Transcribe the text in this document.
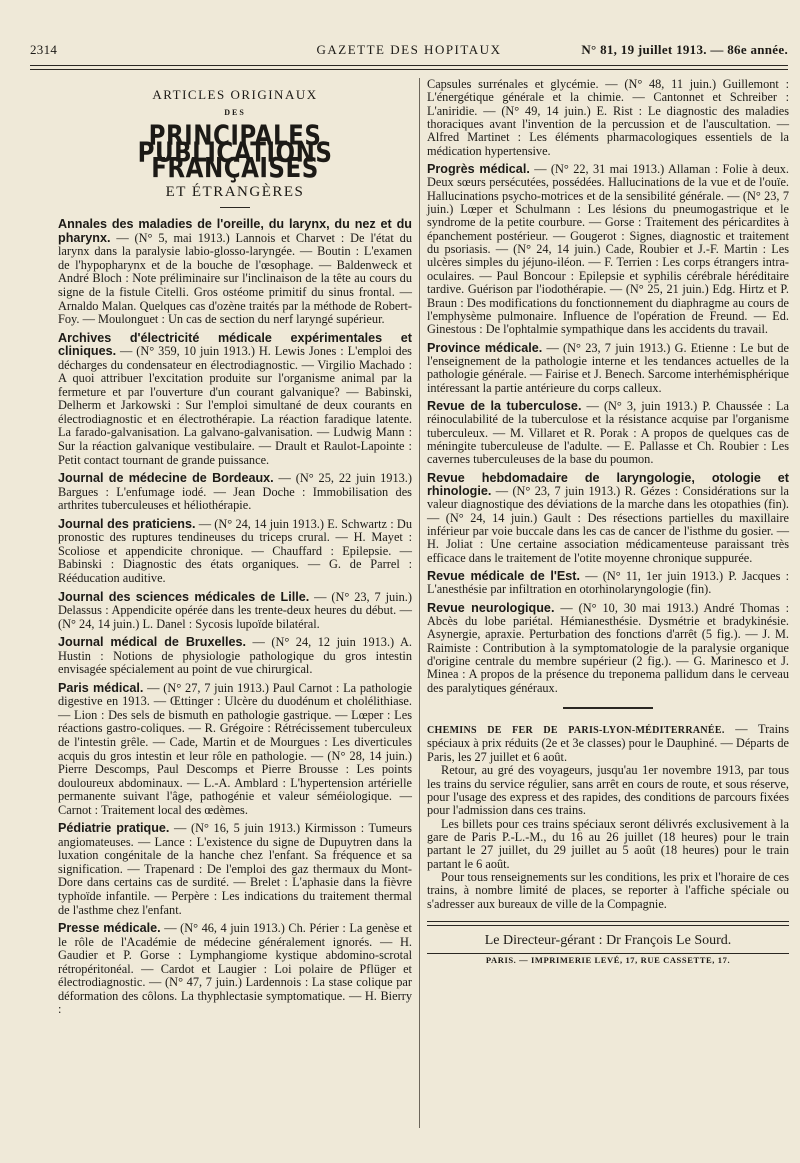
2314	GAZETTE DES HOPITAUX	N° 81, 19 juillet 1913. — 86e année.
ARTICLES ORIGINAUX
DES
PRINCIPALES PUBLICATIONS FRANÇAISES
ET ÉTRANGÈRES

Annales des maladies de l'oreille, du larynx, du nez et du pharynx. — (N° 5, mai 1913.) Lannois et Charvet : De l'état du larynx dans la paralysie labio-glosso-laryngée. — Boutin : L'examen de l'hypopharynx et de la bouche de l'œsophage. — Baldenweck et André Bloch : Note préliminaire sur l'inclinaison de la tête au cours du signe de la fistule Citelli. Gros ostéome primitif du sinus frontal. — Arnaldo Malan. Quelques cas d'ozène traités par la méthode de Robert-Foy. — Moulonguet : Un cas de section du nerf laryngé supérieur.

Archives d'électricité médicale expérimentales et cliniques. — (N° 359, 10 juin 1913.) H. Lewis Jones : L'emploi des décharges du condensateur en électrodiagnostic. — Virgilio Machado : A quoi attribuer l'excitation produite sur l'organisme animal par la fermeture et par l'ouverture d'un courant galvanique? — Babinski, Delherm et Jarkowski : Sur l'emploi simultané de deux courants en électrodiagnostic et en électrothérapie. La réaction faradique latente. La farado-galvanisation. La galvano-galvanisation. — Ludwig Mann : Sur la réaction galvanique vestibulaire. — Drault et Raulot-Lapointe : Petit contact tournant de grande puissance.

Journal de médecine de Bordeaux. — (N° 25, 22 juin 1913.) Bargues : L'enfumage iodé. — Jean Doche : Immobilisation des arthrites tuberculeuses et héliothérapie.

Journal des praticiens. — (N° 24, 14 juin 1913.) E. Schwartz : Du pronostic des ruptures tendineuses du triceps crural. — H. Mayet : Scoliose et appendicite chronique. — Chauffard : Epilepsie. — Babinski : Diagnostic des états organiques. — G. de Parrel : Rééducation auditive.

Journal des sciences médicales de Lille. — (N° 23, 7 juin.) Delassus : Appendicite opérée dans les trente-deux heures du début. — (N° 24, 14 juin.) L. Danel : Sycosis lupoïde bilatéral.

Journal médical de Bruxelles. — (N° 24, 12 juin 1913.) A. Hustin : Notions de physiologie pathologique du gros intestin envisagée spécialement au point de vue chirurgical.

Paris médical. — (N° 27, 7 juin 1913.) Paul Carnot : La pathologie digestive en 1913. — Œttinger : Ulcère du duodénum et cholélithiase. — Lion : Des sels de bismuth en pathologie gastrique. — Lœper : Les réactions gastro-coliques. — R. Grégoire : Rétrécissement tuberculeux de l'intestin grêle. — Cade, Martin et de Mourgues : Les diverticules acquis du gros intestin et leur rôle en pathologie. — (N° 28, 14 juin.) Pierre Descomps, Paul Descomps et Pierre Brousse : Les points douloureux abdominaux. — L.-A. Amblard : L'hypertension artérielle permanente suivant l'âge, pathogénie et valeur séméiologique. — Carnot : Traitement local des œdèmes.

Pédiatrie pratique. — (N° 16, 5 juin 1913.) Kirmisson : Tumeurs angiomateuses. — Lance : L'existence du signe de Dupuytren dans la luxation congénitale de la hanche chez l'enfant. Sa fréquence et sa signification. — Trapenard : De l'emploi des gaz thermaux du Mont-Dore dans certains cas de surdité. — Brelet : L'aphasie dans la fièvre typhoïde infantile. — Perpère : Les indications du traitement thermal de l'asthme chez l'enfant.

Presse médicale. — (N° 46, 4 juin 1913.) Ch. Périer : La genèse et le rôle de l'Académie de médecine généralement ignorés. — H. Gaudier et P. Gorse : Lymphangiome kystique abdomino-scrotal rétropéritonéal. — Cardot et Laugier : Loi polaire de Pflüger et électrodiagnostic. — (N° 47, 7 juin.) Lardennois : La stase colique par déformation des côlons. La thyphlectasie symptomatique. — H. Bierry :

Capsules surrénales et glycémie. — (N° 48, 11 juin.) Guillemont : L'énergétique générale et la chimie. — Cantonnet et Schreiber : L'aniridie. — (N° 49, 14 juin.) E. Rist : Le diagnostic des maladies thoraciques avant l'invention de la percussion et de l'auscultation. — Alfred Martinet : Les éléments pharmacologiques essentiels de la médication hypertensive.

Progrès médical. — (N° 22, 31 mai 1913.) Allaman : Folie à deux. Deux sœurs persécutées, possédées. Hallucinations de la vue et de l'ouïe. Hallucinations psycho-motrices et de la sensibilité générale. — (N° 23, 7 juin.) Lœper et Schulmann : Les lésions du pneumogastrique et le syndrome de la petite courbure. — Gorse : Traitement des péricardites à épanchement postérieur. — Gougerot : Signes, diagnostic et traitement du psoriasis. — (N° 24, 14 juin.) Cade, Roubier et J.-F. Martin : Les ulcères simples du jéjuno-iléon. — F. Terrien : Les corps étrangers intra-oculaires. — Paul Boncour : Epilepsie et syphilis cérébrale héréditaire tardive. Guérison par l'iodothérapie. — (N° 25, 21 juin.) Edg. Hirtz et P. Braun : Des modifications du fonctionnement du diaphragme au cours de l'emphysème pulmonaire. Influence de l'opération de Freund. — Ed. Ginestous : De l'ophtalmie sympathique dans les accidents du travail.

Province médicale. — (N° 23, 7 juin 1913.) G. Etienne : Le but de l'enseignement de la pathologie interne et les tendances actuelles de la pathologie générale. — Fairise et J. Benech. Sarcome interhémisphérique intéressant la partie antérieure du corps calleux.

Revue de la tuberculose. — (N° 3, juin 1913.) P. Chaussée : La réinoculabilité de la tuberculose et la résistance acquise par l'organisme tuberculeux. — M. Villaret et R. Porak : A propos de quelques cas de méningite tuberculeuse de l'adulte. — E. Pallasse et Ch. Roubier : Les cavernes tuberculeuses de la base du poumon.

Revue hebdomadaire de laryngologie, otologie et rhinologie. — (N° 23, 7 juin 1913.) R. Gézes : Considérations sur la valeur diagnostique des déviations de la marche dans les otopathies (fin). — (N° 24, 14 juin.) Gault : Des résections partielles du maxillaire inférieur par voie buccale dans les cas de cancer de l'isthme du gosier. — H. Joliat : Une certaine association médicamenteuse paraissant très efficace dans le traitement de l'otite moyenne chronique suppurée.

Revue médicale de l'Est. — (N° 11, 1er juin 1913.) P. Jacques : L'anesthésie par infiltration en otorhinolaryngologie (fin).

Revue neurologique. — (N° 10, 30 mai 1913.) André Thomas : Abcès du lobe pariétal. Hémianesthésie. Dysmétrie et bradykinésie. Asynergie, apraxie. Perturbation des fonctions d'arrêt (5 fig.). — J. M. Raimiste : Contribution à la symptomatologie de la paralysie organique d'origine centrale du membre supérieur (2 fig.). — G. Marinesco et J. Minea : A propos de la présence du treponema pallidum dans le cerveau des paralytiques généraux.

CHEMINS DE FER DE PARIS-LYON-MÉDITERRANÉE. — Trains spéciaux à prix réduits (2e et 3e classes) pour le Dauphiné. — Départs de Paris, les 27 juillet et 6 août.

Retour, au gré des voyageurs, jusqu'au 1er novembre 1913, par tous les trains du service régulier, sans arrêt en cours de route, et sous réserve, pour l'usage des express et des rapides, des conditions de parcours fixées pour l'admission dans ces trains.

Les billets pour ces trains spéciaux seront délivrés exclusivement à la gare de Paris P.-L.-M., du 16 au 26 juillet (18 heures) pour le train partant le 27 juillet, du 29 juillet au 5 août (18 heures) pour le train partant le 6 août.

Pour tous renseignements sur les conditions, les prix et l'horaire de ces trains, à nombre limité de places, se reporter à l'affiche spéciale ou s'adresser aux bureaux de ville de la Compagnie.

Le Directeur-gérant : Dr François Le Sourd.
PARIS. — IMPRIMERIE LEVÉ, 17, RUE CASSETTE, 17.
